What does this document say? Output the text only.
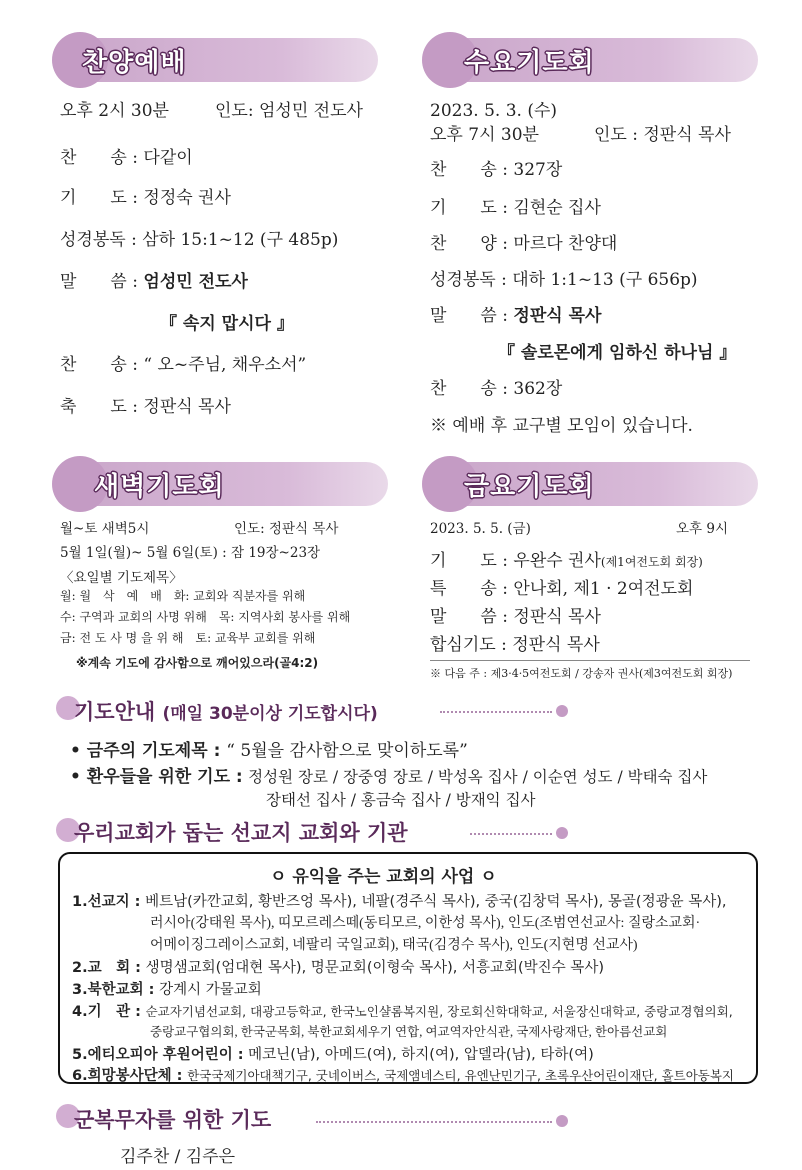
찬양예배
오후 2시 30분	인도: 엄성민 전도사
찬　　송 : 다같이
기　　도 : 정정숙 권사
성경봉독 : 삼하 15:1~12 (구 485p)
말　　씀 : 엄성민 전도사
『 속지 맙시다 』
찬　　송 : “ 오~주님, 채우소서”
축　　도 : 정판식 목사
수요기도회
2023. 5. 3. (수)
오후 7시 30분	인도 : 정판식 목사
찬　　송 : 327장
기　　도 : 김현순 집사
찬　　양 : 마르다 찬양대
성경봉독 : 대하 1:1~13 (구 656p)
말　　씀 : 정판식 목사
『 솔로몬에게 임하신 하나님 』
찬　　송 : 362장
※ 예배 후 교구별 모임이 있습니다.
새벽기도회
월~토 새벽5시	인도: 정판식 목사
5월 1일(월)~ 5월 6일(토) : 잠 19장~23장
〈요일별 기도제목〉
월: 월　삭　예　배　화: 교회와 직분자를 위해
수: 구역과 교회의 사명 위해　목: 지역사회 봉사를 위해
금: 전 도 사 명 을 위 해　토: 교육부 교회를 위해
※계속 기도에 감사함으로 깨어있으라(골4:2)
금요기도회
2023. 5. 5. (금)	오후 9시
기　　도 : 우완수 권사(제1여전도회 회장)
특　　송 : 안나회, 제1 · 2여전도회
말　　씀 : 정판식 목사
합심기도 : 정판식 목사
※ 다음 주 : 제3·4·5여전도회 / 강송자 권사(제3여전도회 회장)
기도안내 (매일 30분이상 기도합시다)
• 금주의 기도제목 : “ 5월을 감사함으로 맞이하도록”
• 환우들을 위한 기도 : 정성원 장로 / 장중영 장로 / 박성옥 집사 / 이순연 성도 / 박태숙 집사
장태선 집사 / 홍금숙 집사 / 방재익 집사
우리교회가 돕는 선교지 교회와 기관
ㅇ 유익을 주는 교회의 사업 ㅇ
1.선교지 : 베트남(카깐교회, 황반즈엉 목사), 네팔(경주식 목사), 중국(김창덕 목사), 몽골(정광윤 목사),
러시아(강태원 목사), 띠모르레스떼(동티모르, 이한성 목사), 인도(조범연선교사: 질랑소교회·
어메이징그레이스교회, 네팔리 국일교회), 태국(김경수 목사), 인도(지현명 선교사)
2.교　회 : 생명샘교회(엄대현 목사), 명문교회(이형숙 목사), 서흥교회(박진수 목사)
3.북한교회 : 강계시 가물교회
4.기　관 : 순교자기념선교회, 대광고등학교, 한국노인샬롬복지원, 장로회신학대학교, 서울장신대학교, 중랑교경협의회,
중랑교구협의회, 한국군목회, 북한교회세우기 연합, 여교역자안식관, 국제사랑재단, 한아름선교회
5.에티오피아 후원어린이 : 메코닌(남), 아메드(여), 하지(여), 압델라(남), 타하(여)
6.희망봉사단체 : 한국국제기아대책기구, 굿네이버스, 국제앰네스티, 유엔난민기구, 초록우산어린이재단, 홀트아동복지
군복무자를 위한 기도
김주찬 / 김주은
